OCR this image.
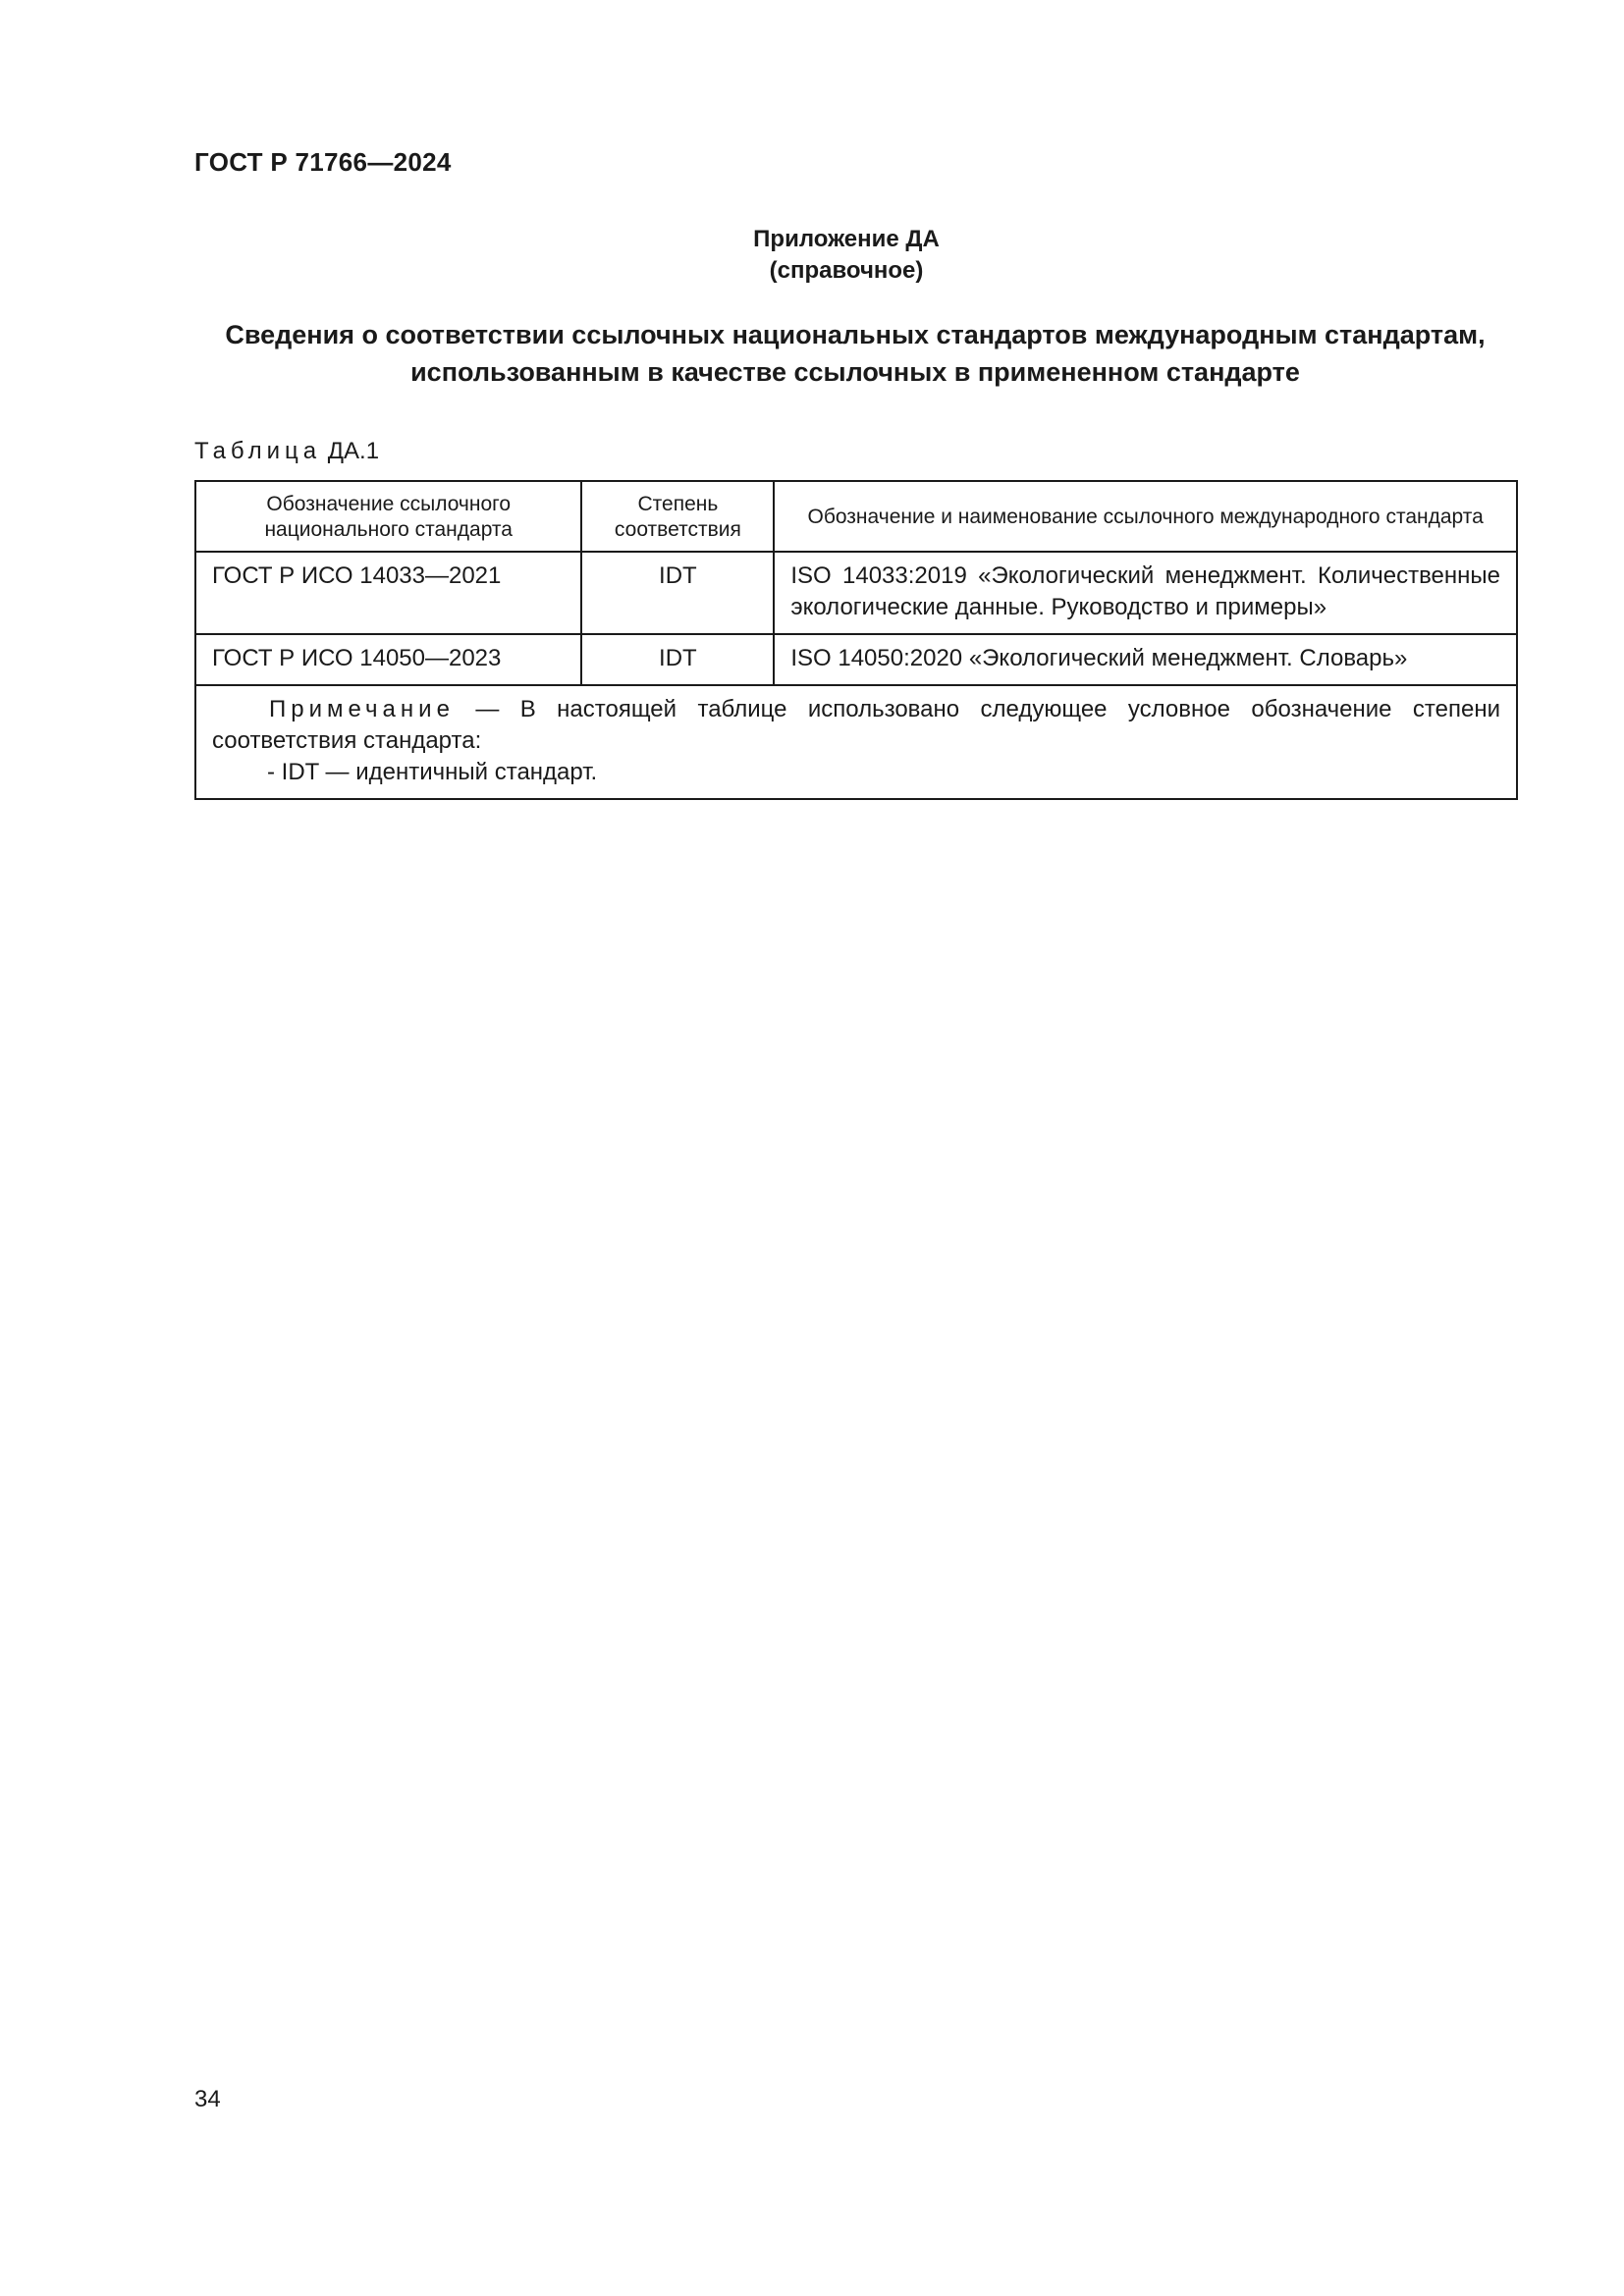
ГОСТ Р 71766—2024
Приложение ДА
(справочное)
Сведения о соответствии ссылочных национальных стандартов международным стандартам,
использованным в качестве ссылочных в примененном стандарте
Таблица ДА.1
Обозначение ссылочного национального стандарта	Степень соответствия	Обозначение и наименование ссылочного международного стандарта
ГОСТ Р ИСО 14033—2021	IDT	ISO 14033:2019 «Экологический менеджмент. Количественные экологические данные. Руководство и примеры»
ГОСТ Р ИСО 14050—2023	IDT	ISO 14050:2020 «Экологический менеджмент. Словарь»

Примечание — В настоящей таблице использовано следующее условное обозначение степени соответствия стандарта:
- IDT — идентичный стандарт.		
34
